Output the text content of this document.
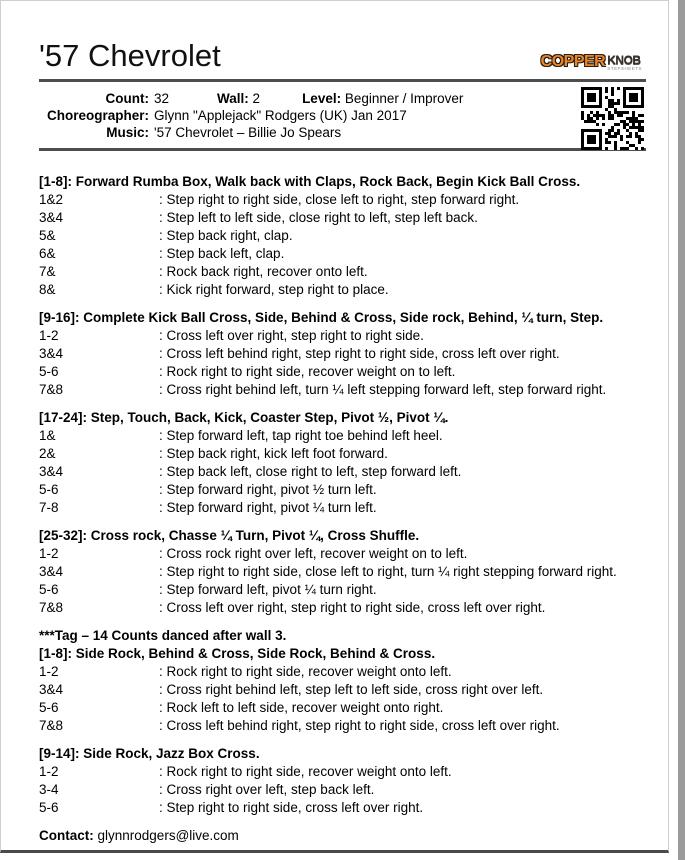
'57 Chevrolet	COPPER KNOB
STEPSHEETS
Count: 32	Wall: 2	Level: Beginner / Improver
Choreographer: Glynn "Applejack" Rodgers (UK) Jan 2017
Music: '57 Chevrolet – Billie Jo Spears
[1-8]: Forward Rumba Box, Walk back with Claps, Rock Back, Begin Kick Ball Cross.
1&2	: Step right to right side, close left to right, step forward right.
3&4	: Step left to left side, close right to left, step left back.
5&	: Step back right, clap.
6&	: Step back left, clap.
7&	: Rock back right, recover onto left.
8&	: Kick right forward, step right to place.
[9-16]: Complete Kick Ball Cross, Side, Behind & Cross, Side rock, Behind, ¼ turn, Step.
1-2	: Cross left over right, step right to right side.
3&4	: Cross left behind right, step right to right side, cross left over right.
5-6	: Rock right to right side, recover weight on to left.
7&8	: Cross right behind left, turn ¼ left stepping forward left, step forward right.
[17-24]: Step, Touch, Back, Kick, Coaster Step, Pivot ½, Pivot ¼.
1&	: Step forward left, tap right toe behind left heel.
2&	: Step back right, kick left foot forward.
3&4	: Step back left, close right to left, step forward left.
5-6	: Step forward right, pivot ½ turn left.
7-8	: Step forward right, pivot ¼ turn left.
[25-32]: Cross rock, Chasse ¼ Turn, Pivot ¼, Cross Shuffle.
1-2	: Cross rock right over left, recover weight on to left.
3&4	: Step right to right side, close left to right, turn ¼ right stepping forward right.
5-6	: Step forward left, pivot ¼ turn right.
7&8	: Cross left over right, step right to right side, cross left over right.
***Tag – 14 Counts danced after wall 3.
[1-8]: Side Rock, Behind & Cross, Side Rock, Behind & Cross.
1-2	: Rock right to right side, recover weight onto left.
3&4	: Cross right behind left, step left to left side, cross right over left.
5-6	: Rock left to left side, recover weight onto right.
7&8	: Cross left behind right, step right to right side, cross left over right.
[9-14]: Side Rock, Jazz Box Cross.
1-2	: Rock right to right side, recover weight onto left.
3-4	: Cross right over left, step back left.
5-6	: Step right to right side, cross left over right.
Contact: glynnrodgers@live.com
